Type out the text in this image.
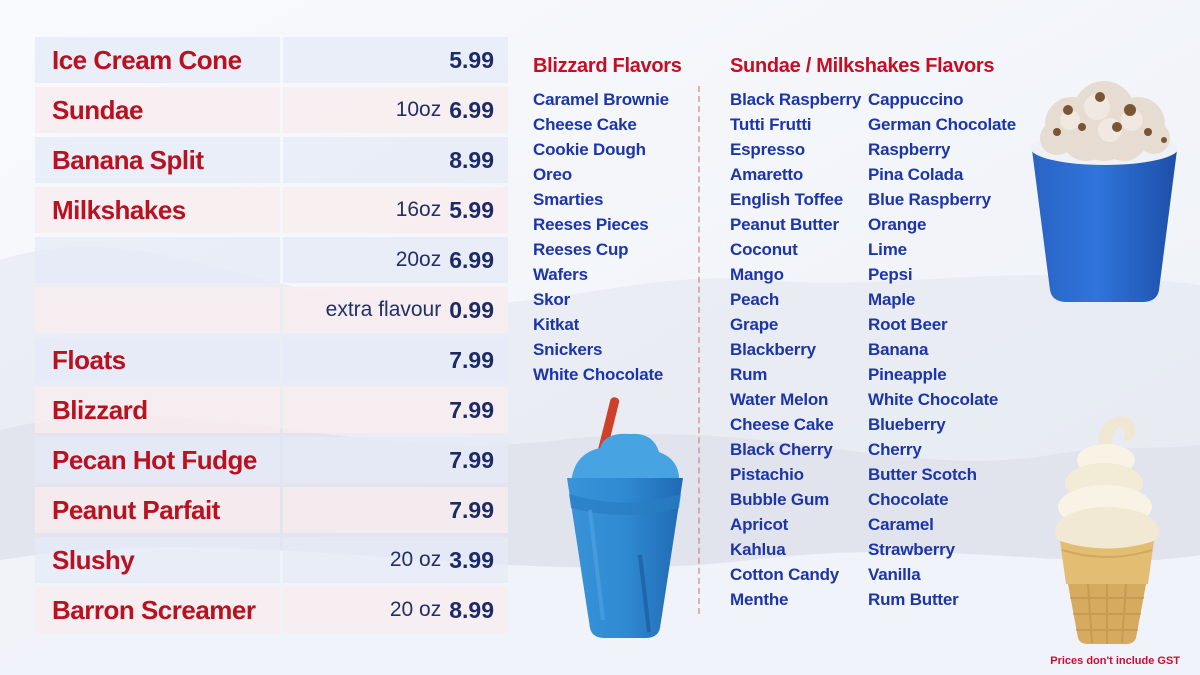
Ice Cream Cone	5.99
Sundae	10oz 6.99
Banana Split	8.99
Milkshakes	16oz 5.99
20oz 6.99
extra flavour 0.99
Floats	7.99
Blizzard	7.99
Pecan Hot Fudge	7.99
Peanut Parfait	7.99
Slushy	20 oz 3.99
Barron Screamer	20 oz 8.99
Blizzard Flavors
Caramel Brownie
Cheese Cake
Cookie Dough
Oreo
Smarties
Reeses Pieces
Reeses Cup
Wafers
Skor
Kitkat
Snickers
White Chocolate
Sundae / Milkshakes Flavors
Black Raspberry
Tutti Frutti
Espresso
Amaretto
English Toffee
Peanut Butter
Coconut
Mango
Peach
Grape
Blackberry
Rum
Water Melon
Cheese Cake
Black Cherry
Pistachio
Bubble Gum
Apricot
Kahlua
Cotton Candy
Menthe
Cappuccino
German Chocolate
Raspberry
Pina Colada
Blue Raspberry
Orange
Lime
Pepsi
Maple
Root Beer
Banana
Pineapple
White Chocolate
Blueberry
Cherry
Butter Scotch
Chocolate
Caramel
Strawberry
Vanilla
Rum Butter
Prices don't include GST
